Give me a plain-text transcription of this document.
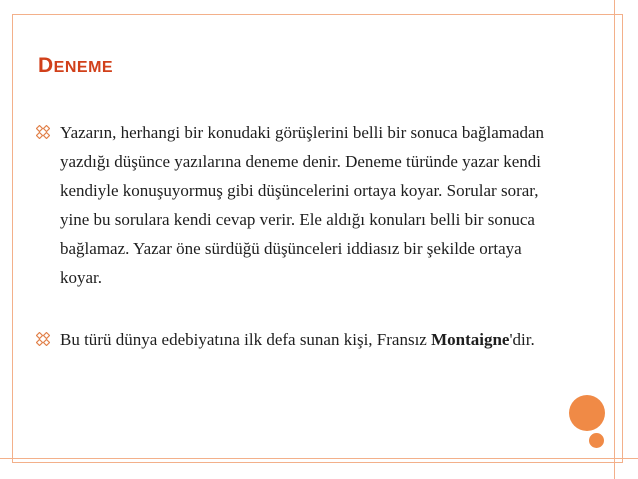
DENEME

Yazarın, herhangi bir konudaki görüşlerini belli bir sonuca bağlamadan yazdığı düşünce yazılarına deneme denir. Deneme türünde yazar kendi kendiyle konuşuyormuş gibi düşüncelerini ortaya koyar. Sorular sorar, yine bu sorulara kendi cevap verir. Ele aldığı konuları belli bir sonuca bağlamaz. Yazar öne sürdüğü düşünceleri iddiasız bir şekilde ortaya koyar.

Bu türü dünya edebiyatına ilk defa sunan kişi, Fransız Montaigne'dir.
